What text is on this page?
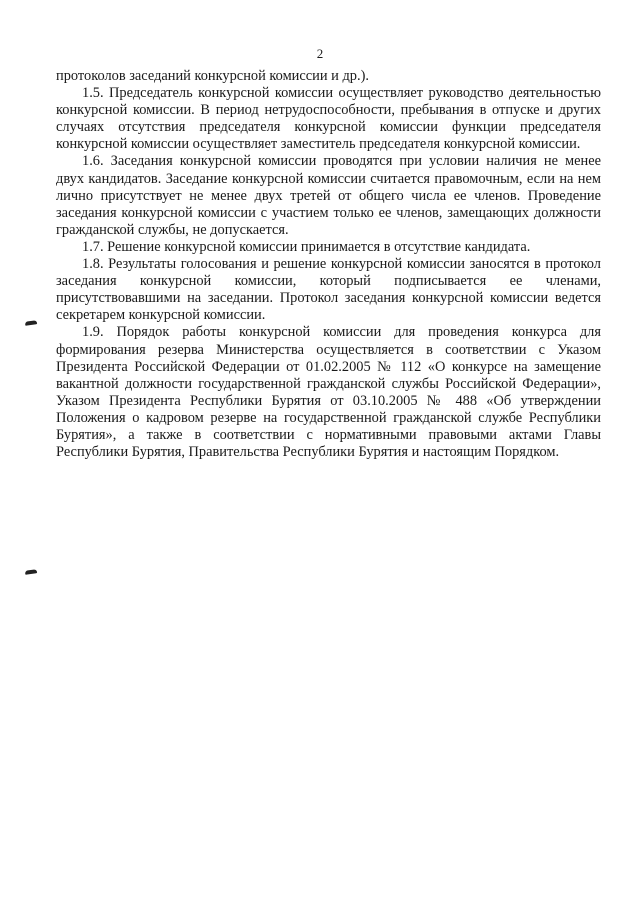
2

протоколов заседаний конкурсной комиссии и др.).

1.5. Председатель конкурсной комиссии осуществляет руководство деятельностью конкурсной комиссии. В период нетрудоспособности, пребывания в отпуске и других случаях отсутствия председателя конкурсной комиссии функции председателя конкурсной комиссии осуществляет заместитель председателя конкурсной комиссии.

1.6. Заседания конкурсной комиссии проводятся при условии наличия не менее двух кандидатов. Заседание конкурсной комиссии считается правомочным, если на нем лично присутствует не менее двух третей от общего числа ее членов. Проведение заседания конкурсной комиссии с участием только ее членов, замещающих должности гражданской службы, не допускается.

1.7. Решение конкурсной комиссии принимается в отсутствие кандидата.

1.8. Результаты голосования и решение конкурсной комиссии заносятся в протокол заседания конкурсной комиссии, который подписывается ее членами, присутствовавшими на заседании. Протокол заседания конкурсной комиссии ведется секретарем конкурсной комиссии.

1.9. Порядок работы конкурсной комиссии для проведения конкурса для формирования резерва Министерства осуществляется в соответствии с Указом Президента Российской Федерации от 01.02.2005 № 112 «О конкурсе на замещение вакантной должности государственной гражданской службы Российской Федерации», Указом Президента Республики Бурятия от 03.10.2005 № 488 «Об утверждении Положения о кадровом резерве на государственной гражданской службе Республики Бурятия», а также в соответствии с нормативными правовыми актами Главы Республики Бурятия, Правительства Республики Бурятия и настоящим Порядком.
